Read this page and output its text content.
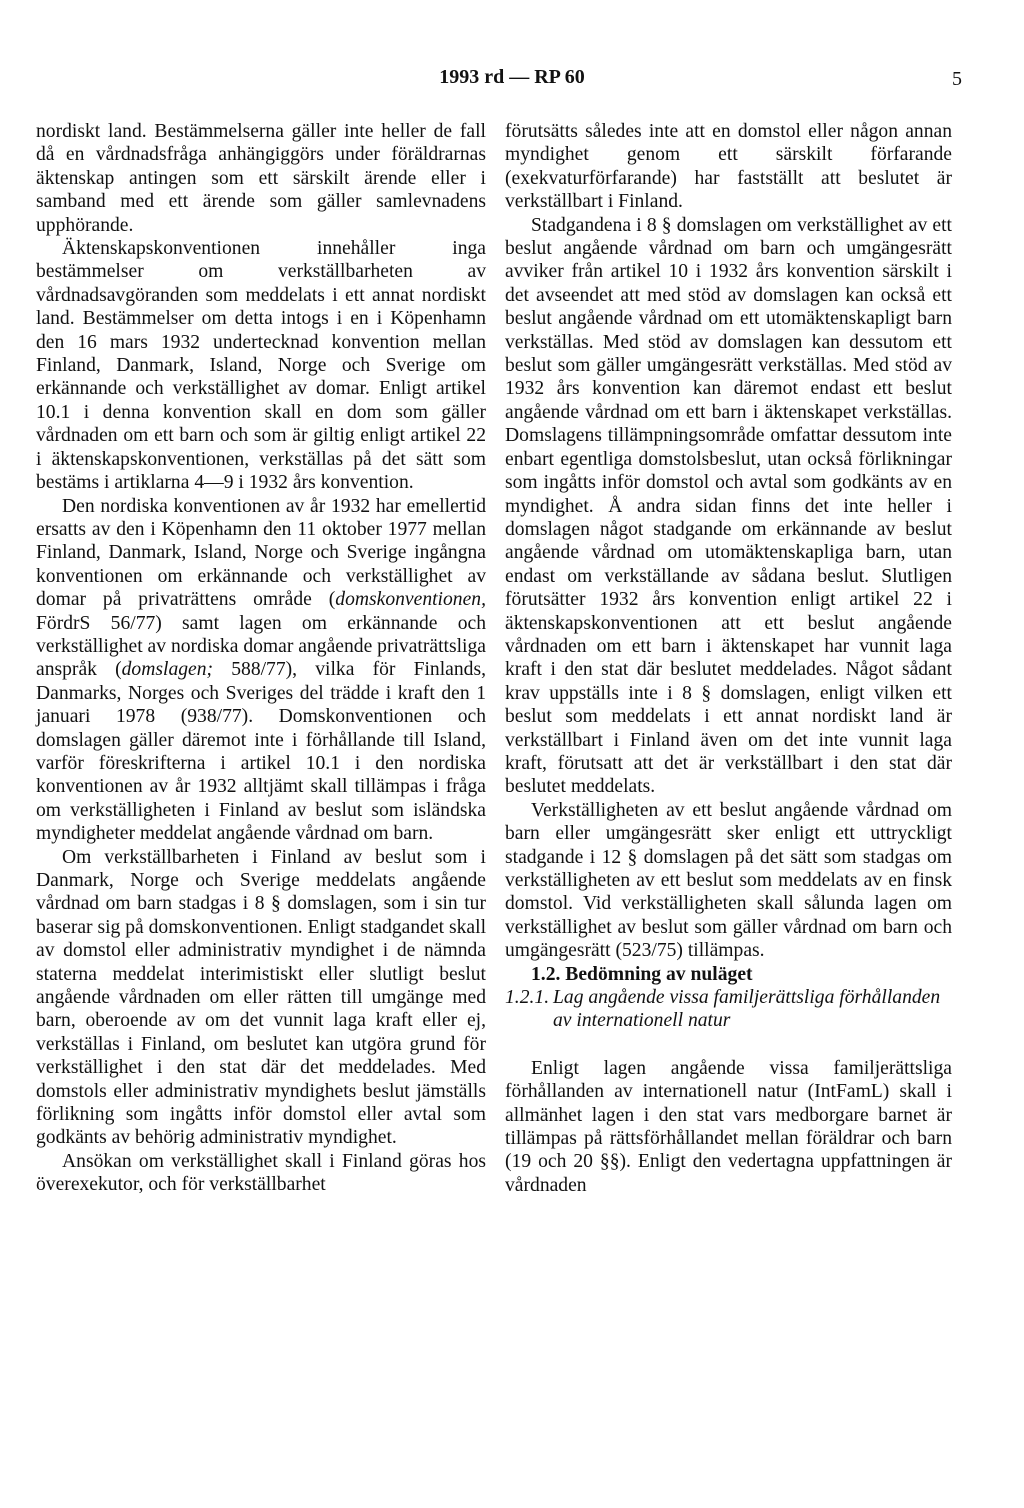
1993 rd — RP 60	5

nordiskt land. Bestämmelserna gäller inte heller de fall då en vårdnadsfråga anhängiggörs under föräldrarnas äktenskap antingen som ett särskilt ärende eller i samband med ett ärende som gäller samlevnadens upphörande.

Äktenskapskonventionen innehåller inga bestämmelser om verkställbarheten av vårdnadsavgöranden som meddelats i ett annat nordiskt land. Bestämmelser om detta intogs i en i Köpenhamn den 16 mars 1932 undertecknad konvention mellan Finland, Danmark, Island, Norge och Sverige om erkännande och verkställighet av domar. Enligt artikel 10.1 i denna konvention skall en dom som gäller vårdnaden om ett barn och som är giltig enligt artikel 22 i äktenskapskonventionen, verkställas på det sätt som bestäms i artiklarna 4—9 i 1932 års konvention.

Den nordiska konventionen av år 1932 har emellertid ersatts av den i Köpenhamn den 11 oktober 1977 mellan Finland, Danmark, Island, Norge och Sverige ingångna konventionen om erkännande och verkställighet av domar på privaträttens område (domskonventionen, FördrS 56/77) samt lagen om erkännande och verkställighet av nordiska domar angående privaträttsliga anspråk (domslagen; 588/77), vilka för Finlands, Danmarks, Norges och Sveriges del trädde i kraft den 1 januari 1978 (938/77). Domskonventionen och domslagen gäller däremot inte i förhållande till Island, varför föreskrifterna i artikel 10.1 i den nordiska konventionen av år 1932 alltjämt skall tillämpas i fråga om verkställigheten i Finland av beslut som isländska myndigheter meddelat angående vårdnad om barn.

Om verkställbarheten i Finland av beslut som i Danmark, Norge och Sverige meddelats angående vårdnad om barn stadgas i 8 § domslagen, som i sin tur baserar sig på domskonventionen. Enligt stadgandet skall av domstol eller administrativ myndighet i de nämnda staterna meddelat interimistiskt eller slutligt beslut angående vårdnaden om eller rätten till umgänge med barn, oberoende av om det vunnit laga kraft eller ej, verkställas i Finland, om beslutet kan utgöra grund för verkställighet i den stat där det meddelades. Med domstols eller administrativ myndighets beslut jämställs förlikning som ingåtts inför domstol eller avtal som godkänts av behörig administrativ myndighet.

Ansökan om verkställighet skall i Finland göras hos överexekutor, och för verkställbarhet

förutsätts således inte att en domstol eller någon annan myndighet genom ett särskilt förfarande (exekvaturförfarande) har fastställt att beslutet är verkställbart i Finland.

Stadgandena i 8 § domslagen om verkställighet av ett beslut angående vårdnad om barn och umgängesrätt avviker från artikel 10 i 1932 års konvention särskilt i det avseendet att med stöd av domslagen kan också ett beslut angående vårdnad om ett utomäktenskapligt barn verkställas. Med stöd av domslagen kan dessutom ett beslut som gäller umgängesrätt verkställas. Med stöd av 1932 års konvention kan däremot endast ett beslut angående vårdnad om ett barn i äktenskapet verkställas. Domslagens tillämpningsområde omfattar dessutom inte enbart egentliga domstolsbeslut, utan också förlikningar som ingåtts inför domstol och avtal som godkänts av en myndighet. Å andra sidan finns det inte heller i domslagen något stadgande om erkännande av beslut angående vårdnad om utomäktenskapliga barn, utan endast om verkställande av sådana beslut. Slutligen förutsätter 1932 års konvention enligt artikel 22 i äktenskapskonventionen att ett beslut angående vårdnaden om ett barn i äktenskapet har vunnit laga kraft i den stat där beslutet meddelades. Något sådant krav uppställs inte i 8 § domslagen, enligt vilken ett beslut som meddelats i ett annat nordiskt land är verkställbart i Finland även om det inte vunnit laga kraft, förutsatt att det är verkställbart i den stat där beslutet meddelats.

Verkställigheten av ett beslut angående vårdnad om barn eller umgängesrätt sker enligt ett uttryckligt stadgande i 12 § domslagen på det sätt som stadgas om verkställigheten av ett beslut som meddelats av en finsk domstol. Vid verkställigheten skall sålunda lagen om verkställighet av beslut som gäller vårdnad om barn och umgängesrätt (523/75) tillämpas.

1.2. Bedömning av nuläget

1.2.1. Lag angående vissa familjerättsliga förhållanden av internationell natur

Enligt lagen angående vissa familjerättsliga förhållanden av internationell natur (IntFamL) skall i allmänhet lagen i den stat vars medborgare barnet är tillämpas på rättsförhållandet mellan föräldrar och barn (19 och 20 §§). Enligt den vedertagna uppfattningen är vårdnaden
